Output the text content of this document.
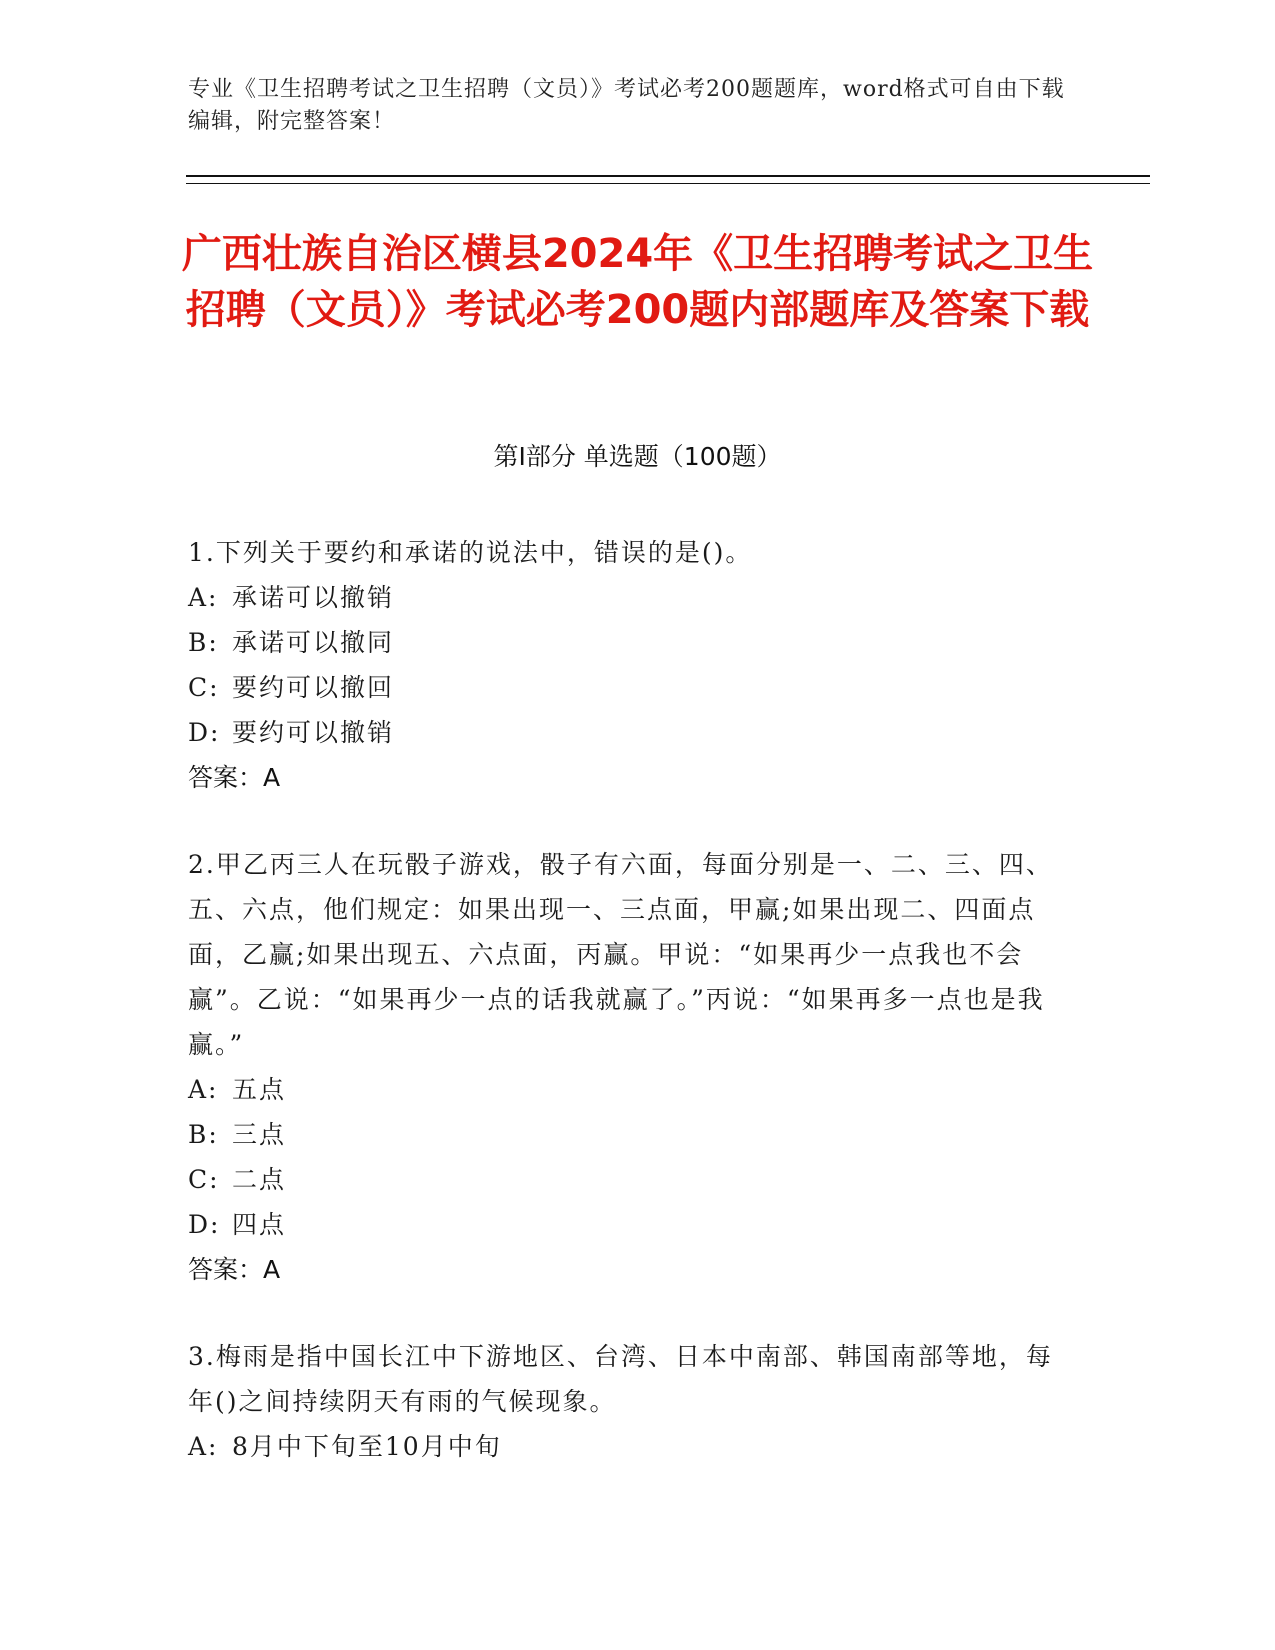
专业《卫生招聘考试之卫生招聘（文员）》考试必考200题题库，word格式可自由下载编辑，附完整答案！
广西壮族自治区横县2024年《卫生招聘考试之卫生招聘（文员）》考试必考200题内部题库及答案下载
第I部分 单选题（100题）
1.下列关于要约和承诺的说法中，错误的是()。
A: 承诺可以撤销
B: 承诺可以撤同
C: 要约可以撤回
D: 要约可以撤销
答案：A
2.甲乙丙三人在玩骰子游戏，骰子有六面，每面分别是一、二、三、四、五、六点，他们规定：如果出现一、三点面，甲赢;如果出现二、四面点面，乙赢;如果出现五、六点面，丙赢。甲说：“如果再少一点我也不会赢”。乙说：“如果再少一点的话我就赢了。”丙说：“如果再多一点也是我赢。”
A: 五点
B: 三点
C: 二点
D: 四点
答案：A
3.梅雨是指中国长江中下游地区、台湾、日本中南部、韩国南部等地，每年()之间持续阴天有雨的气候现象。
A: 8月中下旬至10月中旬
